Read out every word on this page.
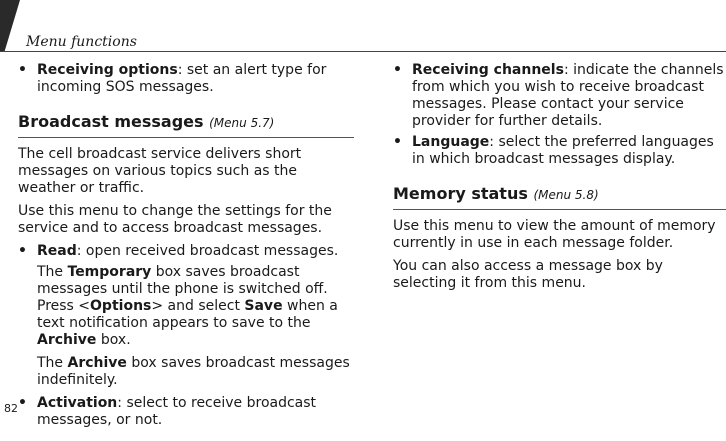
Menu functions
• Receiving options: set an alert type for incoming SOS messages.
Broadcast messages (Menu 5.7)

The cell broadcast service delivers short messages on various topics such as the weather or traffic.

Use this menu to change the settings for the service and to access broadcast messages.

• Read: open received broadcast messages.

The Temporary box saves broadcast messages until the phone is switched off. Press <Options> and select Save when a text notification appears to save to the Archive box.

The Archive box saves broadcast messages indefinitely.

• Activation: select to receive broadcast messages, or not.
• Receiving channels: indicate the channels from which you wish to receive broadcast messages. Please contact your service provider for further details.
• Language: select the preferred languages in which broadcast messages display.
Memory status (Menu 5.8)

Use this menu to view the amount of memory currently in use in each message folder.

You can also access a message box by selecting it from this menu.

82
